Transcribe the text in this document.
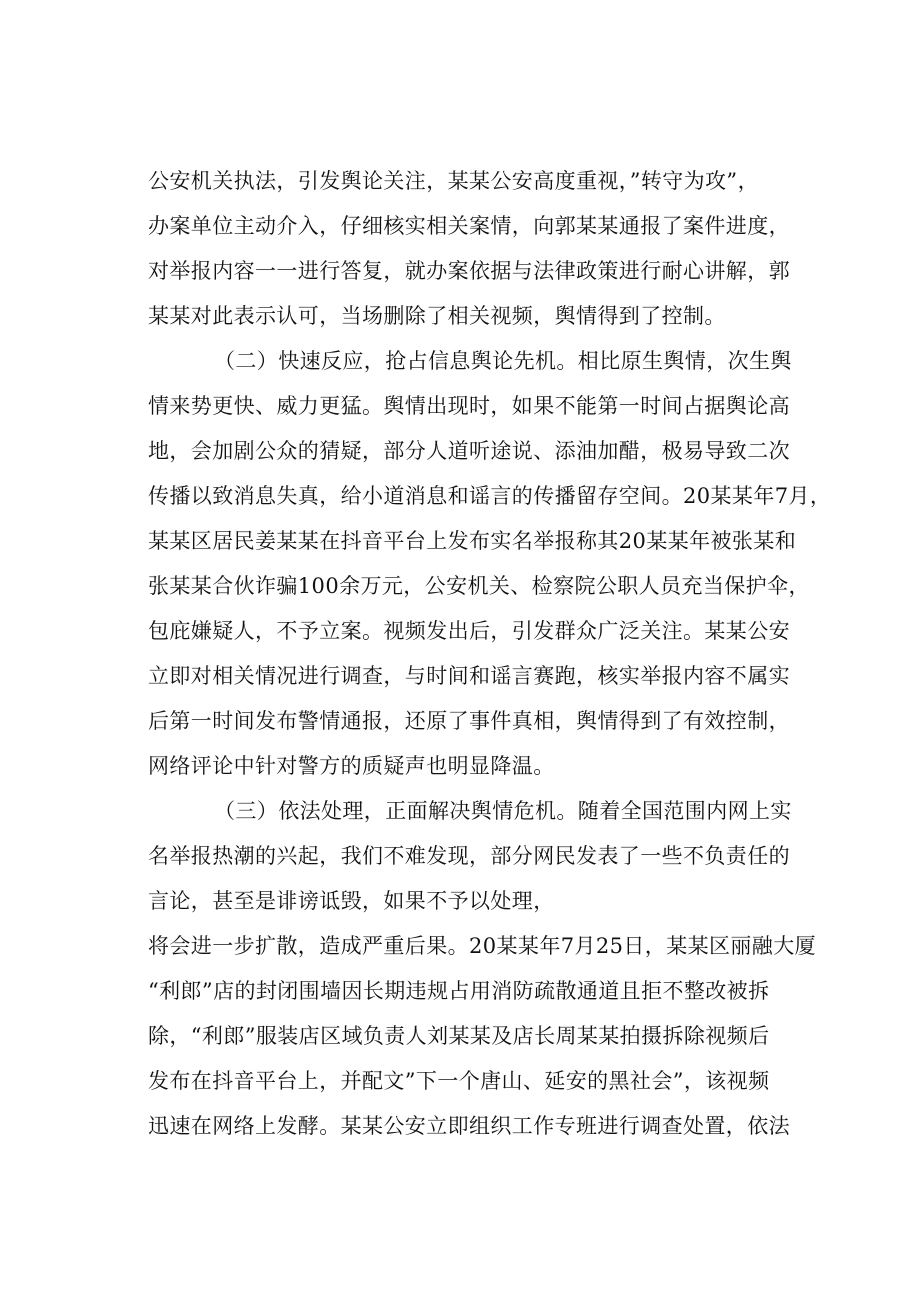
公安机关执法，引发舆论关注，某某公安高度重视，”转守为攻”，
办案单位主动介入，仔细核实相关案情，向郭某某通报了案件进度，
对举报内容一一进行答复，就办案依据与法律政策进行耐心讲解，郭
某某对此表示认可，当场删除了相关视频，舆情得到了控制。
（二）快速反应，抢占信息舆论先机。相比原生舆情，次生舆
情来势更快、威力更猛。舆情出现时，如果不能第一时间占据舆论高
地，会加剧公众的猜疑，部分人道听途说、添油加醋，极易导致二次
传播以致消息失真，给小道消息和谣言的传播留存空间。20某某年7月，
某某区居民姜某某在抖音平台上发布实名举报称其20某某年被张某和
张某某合伙诈骗100余万元，公安机关、检察院公职人员充当保护伞，
包庇嫌疑人，不予立案。视频发出后，引发群众广泛关注。某某公安
立即对相关情况进行调查，与时间和谣言赛跑，核实举报内容不属实
后第一时间发布警情通报，还原了事件真相，舆情得到了有效控制，
网络评论中针对警方的质疑声也明显降温。
（三）依法处理，正面解决舆情危机。随着全国范围内网上实
名举报热潮的兴起，我们不难发现，部分网民发表了一些不负责任的
言论，甚至是诽谤诋毁，如果不予以处理，
将会进一步扩散，造成严重后果。20某某年7月25日，某某区丽融大厦
“利郎”店的封闭围墙因长期违规占用消防疏散通道且拒不整改被拆
除，“利郎”服装店区域负责人刘某某及店长周某某拍摄拆除视频后
发布在抖音平台上，并配文”下一个唐山、延安的黑社会”，该视频
迅速在网络上发酵。某某公安立即组织工作专班进行调查处置，依法
